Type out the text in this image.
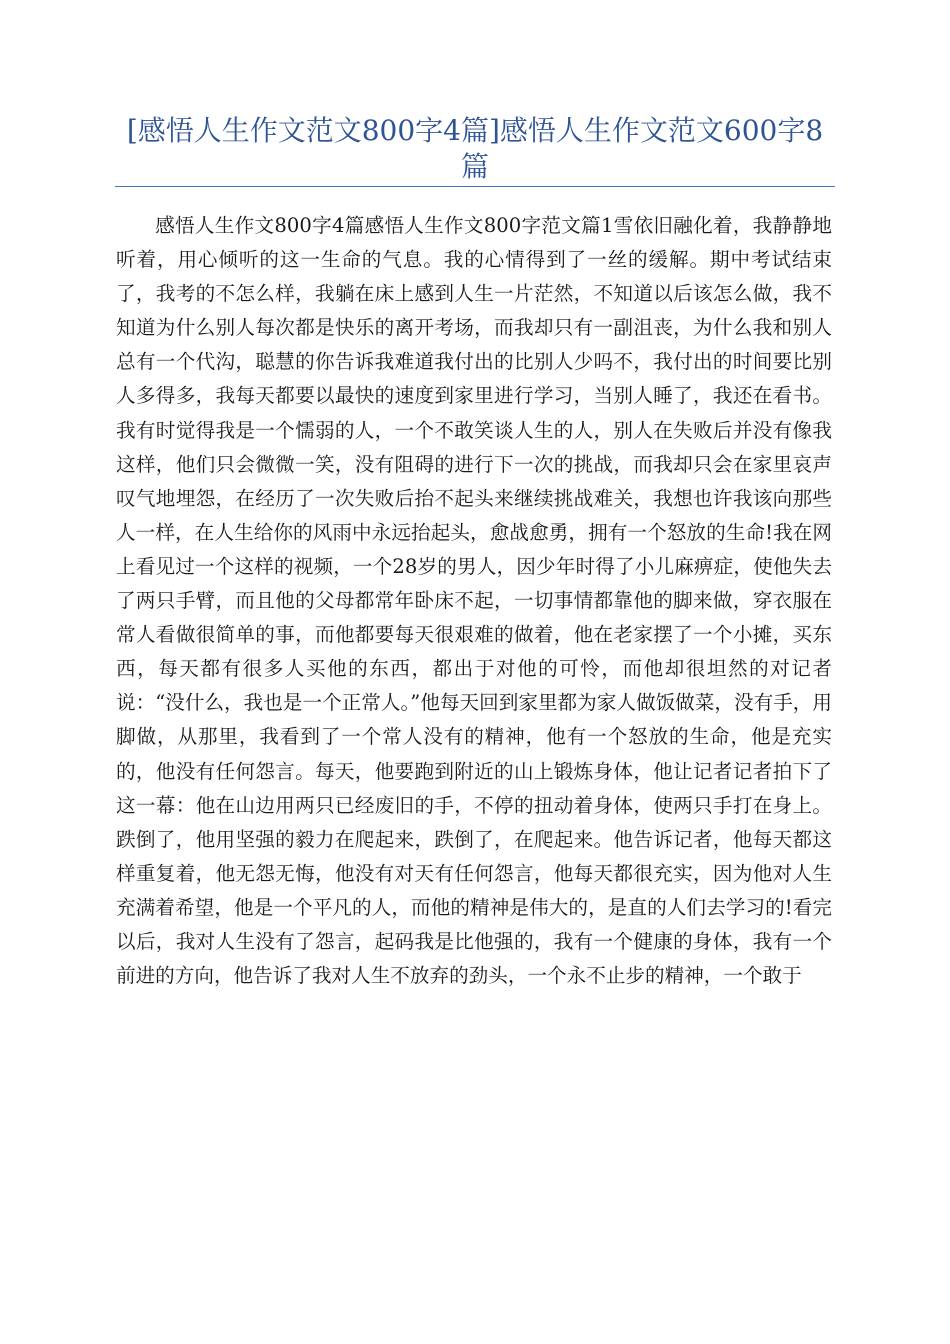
[感悟人生作文范文800字4篇]感悟人生作文范文600字8篇

感悟人生作文800字4篇感悟人生作文800字范文篇1雪依旧融化着，我静静地听着，用心倾听的这一生命的气息。我的心情得到了一丝的缓解。期中考试结束了，我考的不怎么样，我躺在床上感到人生一片茫然，不知道以后该怎么做，我不知道为什么别人每次都是快乐的离开考场，而我却只有一副沮丧，为什么我和别人总有一个代沟，聪慧的你告诉我难道我付出的比别人少吗不，我付出的时间要比别人多得多，我每天都要以最快的速度到家里进行学习，当别人睡了，我还在看书。我有时觉得我是一个懦弱的人，一个不敢笑谈人生的人，别人在失败后并没有像我这样，他们只会微微一笑，没有阻碍的进行下一次的挑战，而我却只会在家里哀声叹气地埋怨，在经历了一次失败后抬不起头来继续挑战难关，我想也许我该向那些人一样，在人生给你的风雨中永远抬起头，愈战愈勇，拥有一个怒放的生命!我在网上看见过一个这样的视频，一个28岁的男人，因少年时得了小儿麻痹症，使他失去了两只手臂，而且他的父母都常年卧床不起，一切事情都靠他的脚来做，穿衣服在常人看做很简单的事，而他都要每天很艰难的做着，他在老家摆了一个小摊，买东西，每天都有很多人买他的东西，都出于对他的可怜，而他却很坦然的对记者说：“没什么，我也是一个正常人。”他每天回到家里都为家人做饭做菜，没有手，用脚做，从那里，我看到了一个常人没有的精神，他有一个怒放的生命，他是充实的，他没有任何怨言。每天，他要跑到附近的山上锻炼身体，他让记者记者拍下了这一幕：他在山边用两只已经废旧的手，不停的扭动着身体，使两只手打在身上。跌倒了，他用坚强的毅力在爬起来，跌倒了，在爬起来。他告诉记者，他每天都这样重复着，他无怨无悔，他没有对天有任何怨言，他每天都很充实，因为他对人生充满着希望，他是一个平凡的人，而他的精神是伟大的，是直的人们去学习的!看完以后，我对人生没有了怨言，起码我是比他强的，我有一个健康的身体，我有一个前进的方向，他告诉了我对人生不放弃的劲头，一个永不止步的精神，一个敢于
